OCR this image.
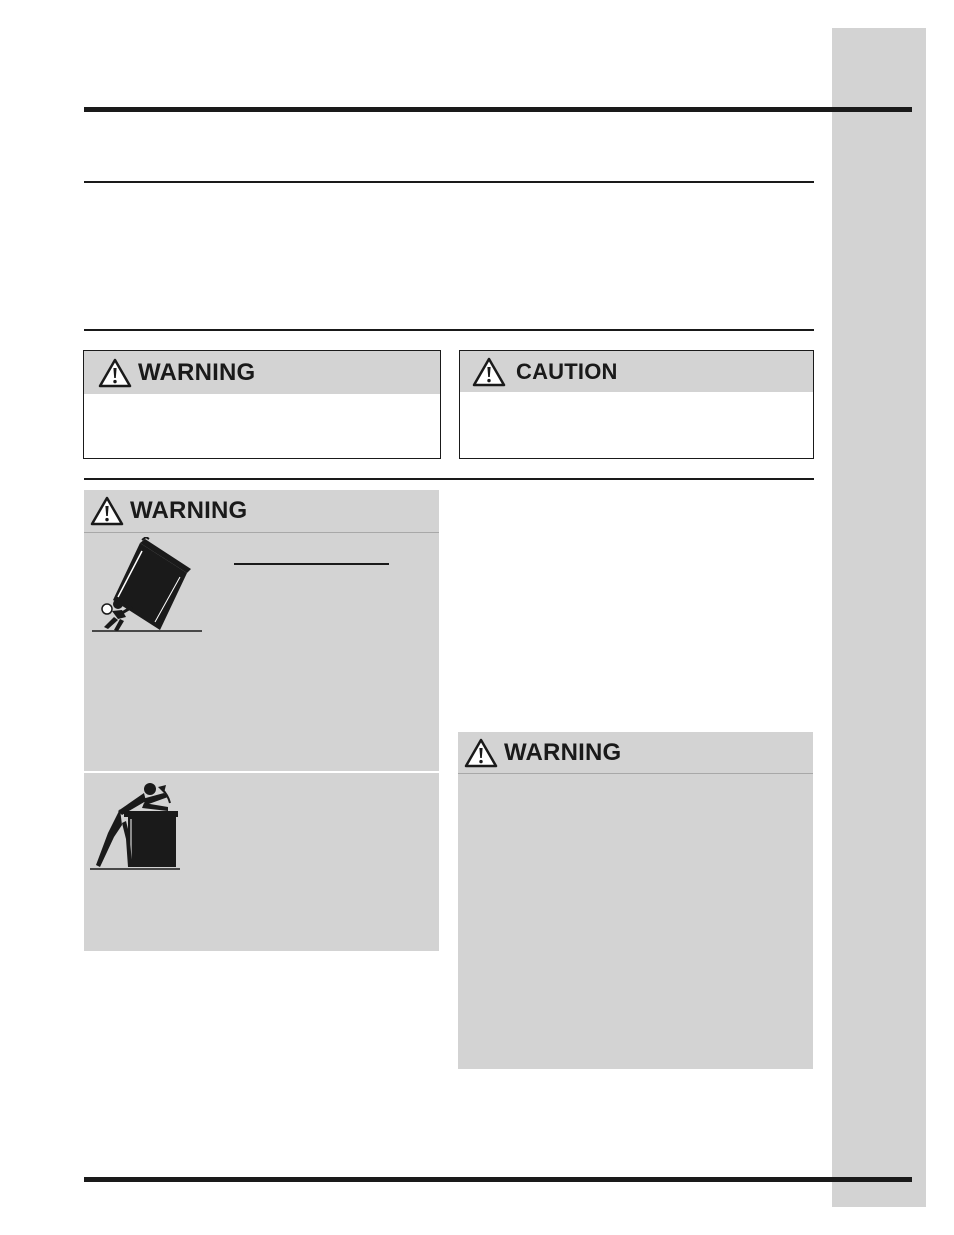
WARNING	CAUTION
WARNING
WARNING
